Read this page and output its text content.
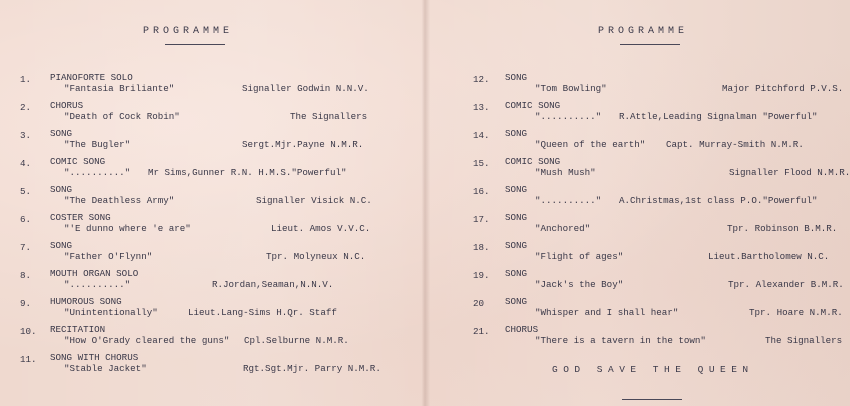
PROGRAMME
1. PIANOFORTE SOLO
"Fantasia Briliante"	Signaller Godwin N.N.V.
2. CHORUS
"Death of Cock Robin"	The Signallers
3. SONG
"The Bugler"	Sergt.Mjr.Payne N.M.R.
4. COMIC SONG
".........." Mr Sims,Gunner R.N. H.M.S."Powerful"
5. SONG
"The Deathless Army"	Signaller Visick N.C.
6. COSTER SONG
"'E dunno where 'e are"	Lieut. Amos V.V.C.
7. SONG
"Father O'Flynn"	Tpr. Molyneux N.C.
8. MOUTH ORGAN SOLO
".........."	R.Jordan,Seaman,N.N.V.
9. HUMOROUS SONG
"Unintentionally"	Lieut.Lang-Sims H.Qr. Staff
10. RECITATION
"How O'Grady cleared the guns" Cpl.Selburne N.M.R.
11. SONG WITH CHORUS
"Stable Jacket"	Rgt.Sgt.Mjr. Parry N.M.R.
PROGRAMME
12. SONG
"Tom Bowling"	Major Pitchford P.V.S.
13. COMIC SONG
".........." R.Attle,Leading Signalman "Powerful"
14. SONG
"Queen of the earth" Capt. Murray-Smith N.M.R.
15. COMIC SONG
"Mush Mush"	Signaller Flood N.M.R.
16. SONG
".........." A.Christmas,1st class P.O."Powerful"
17. SONG
"Anchored"	Tpr. Robinson B.M.R.
18. SONG
"Flight of ages"	Lieut.Bartholomew N.C.
19. SONG
"Jack's the Boy"	Tpr. Alexander B.M.R.
20 SONG
"Whisper and I shall hear"	Tpr. Hoare N.M.R.
21. CHORUS
"There is a tavern in the town"	The Signallers
GOD SAVE THE QUEEN
